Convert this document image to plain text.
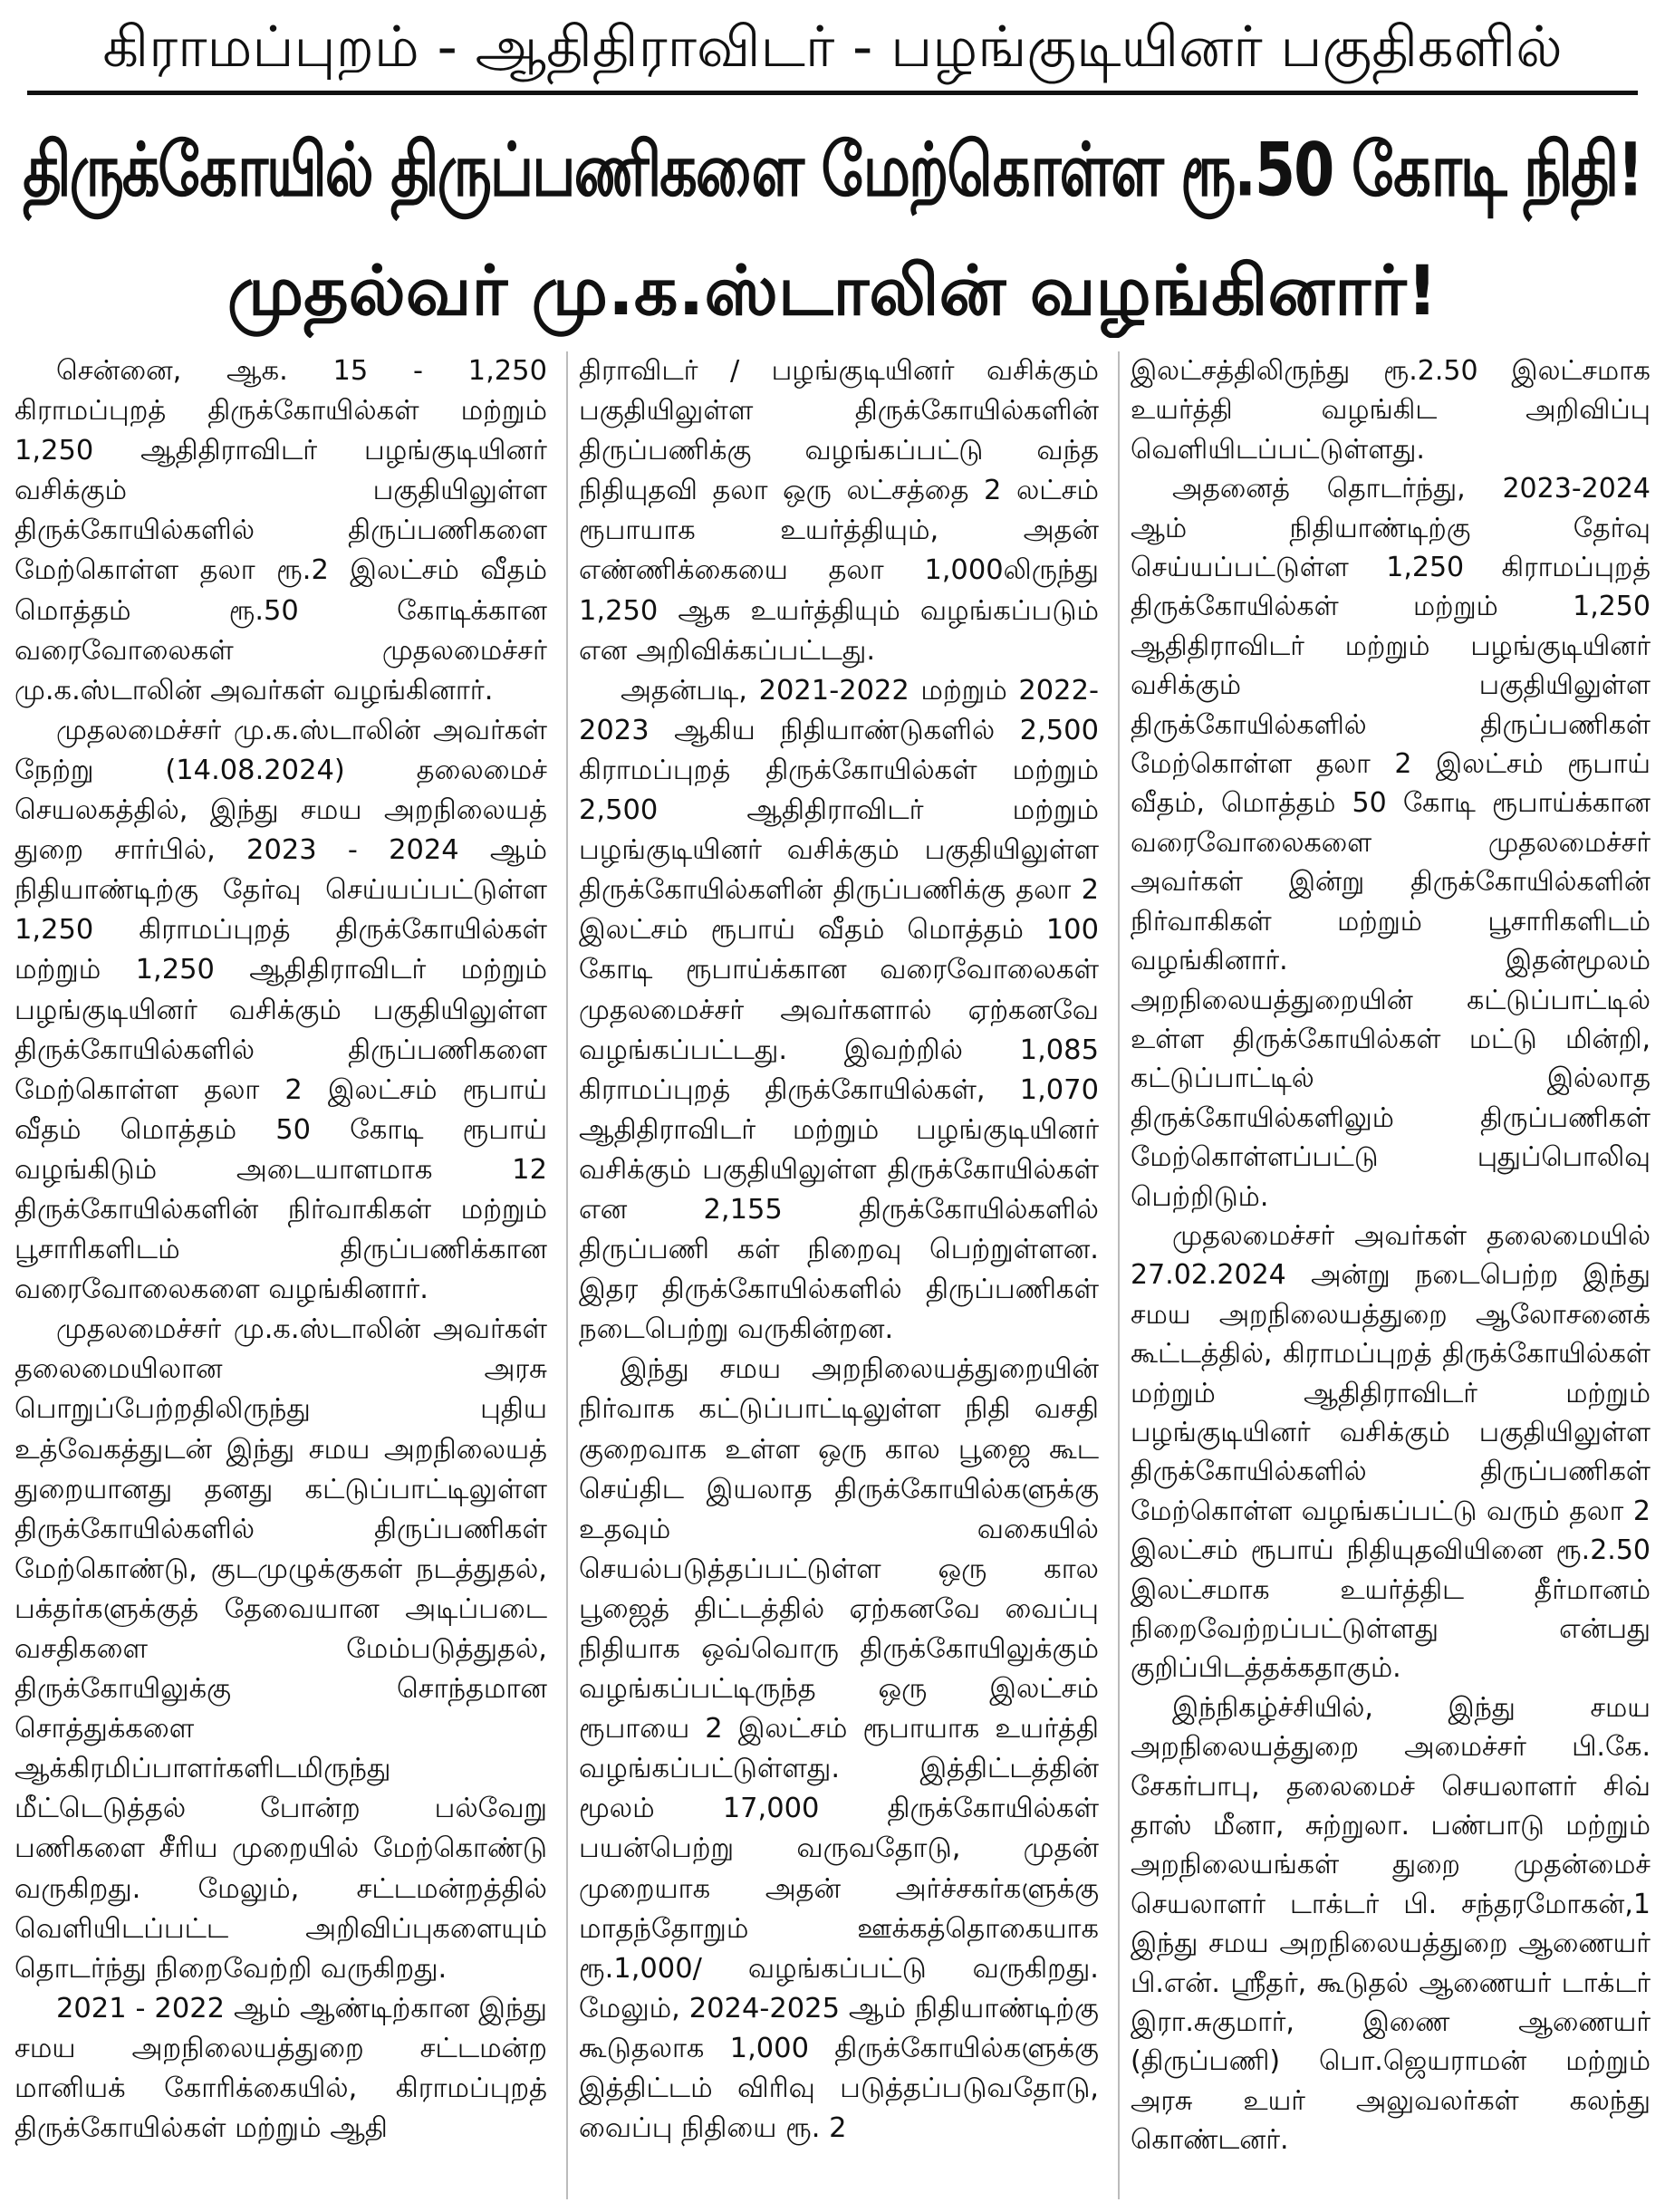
கிராமப்புறம் - ஆதிதிராவிடர் - பழங்குடியினர் பகுதிகளில்
திருக்கோயில் திருப்பணிகளை மேற்கொள்ள ரூ.50 கோடி நிதி!
முதல்வர் மு.க.ஸ்டாலின் வழங்கினார்!

சென்னை, ஆக. 15 - 1,250 கிராமப்புறத் திருக்கோயில்கள் மற்றும் 1,250 ஆதிதிராவிடர் பழங்குடியினர் வசிக்கும் பகுதியிலுள்ள திருக்கோயில்களில் திருப்பணிகளை மேற்கொள்ள தலா ரூ.2 இலட்சம் வீதம் மொத்தம் ரூ.50 கோடிக்கான வரைவோலைகள் முதலமைச்சர் மு.க.ஸ்டாலின் அவர்கள் வழங்கினார்.

முதலமைச்சர் மு.க.ஸ்டாலின் அவர்கள் நேற்று (14.08.2024) தலைமைச் செயலகத்தில், இந்து சமய அறநிலையத் துறை சார்பில், 2023 - 2024 ஆம் நிதியாண்டிற்கு தேர்வு செய்யப்பட்டுள்ள 1,250 கிராமப்புறத் திருக்கோயில்கள் மற்றும் 1,250 ஆதிதிராவிடர் மற்றும் பழங்குடியினர் வசிக்கும் பகுதியிலுள்ள திருக்கோயில்களில் திருப்பணிகளை மேற்கொள்ள தலா 2 இலட்சம் ரூபாய் வீதம் மொத்தம் 50 கோடி ரூபாய் வழங்கிடும் அடையாளமாக 12 திருக்கோயில்களின் நிர்வாகிகள் மற்றும் பூசாரிகளிடம் திருப்பணிக்கான வரைவோலைகளை வழங்கினார்.

முதலமைச்சர் மு.க.ஸ்டாலின் அவர்கள் தலைமையிலான அரசு பொறுப்பேற்றதிலிருந்து புதிய உத்வேகத்துடன் இந்து சமய அறநிலையத் துறையானது தனது கட்டுப்பாட்டிலுள்ள திருக்கோயில்களில் திருப்பணிகள் மேற்கொண்டு, குடமுழுக்குகள் நடத்துதல், பக்தர்களுக்குத் தேவையான அடிப்படை வசதிகளை மேம்படுத்துதல், திருக்கோயிலுக்கு சொந்தமான சொத்துக்களை ஆக்கிரமிப்பாளர்களிடமிருந்து மீட்டெடுத்தல் போன்ற பல்வேறு பணிகளை சீரிய முறையில் மேற்கொண்டு வருகிறது. மேலும், சட்டமன்றத்தில் வெளியிடப்பட்ட அறிவிப்புகளையும் தொடர்ந்து நிறைவேற்றி வருகிறது.

2021 - 2022 ஆம் ஆண்டிற்கான இந்து சமய அறநிலையத்துறை சட்டமன்ற மானியக் கோரிக்கையில், கிராமப்புறத் திருக்கோயில்கள் மற்றும் ஆதி

திராவிடர் / பழங்குடியினர் வசிக்கும் பகுதியிலுள்ள திருக்கோயில்களின் திருப்பணிக்கு வழங்கப்பட்டு வந்த நிதியுதவி தலா ஒரு லட்சத்தை 2 லட்சம் ரூபாயாக உயர்த்தியும், அதன் எண்ணிக்கையை தலா 1,000லிருந்து 1,250 ஆக உயர்த்தியும் வழங்கப்படும் என அறிவிக்கப்பட்டது.

அதன்படி, 2021-2022 மற்றும் 2022-2023 ஆகிய நிதியாண்டுகளில் 2,500 கிராமப்புறத் திருக்கோயில்கள் மற்றும் 2,500 ஆதிதிராவிடர் மற்றும் பழங்குடியினர் வசிக்கும் பகுதியிலுள்ள திருக்கோயில்களின் திருப்பணிக்கு தலா 2 இலட்சம் ரூபாய் வீதம் மொத்தம் 100 கோடி ரூபாய்க்கான வரைவோலைகள் முதலமைச்சர் அவர்களால் ஏற்கனவே வழங்கப்பட்டது. இவற்றில் 1,085 கிராமப்புறத் திருக்கோயில்கள், 1,070 ஆதிதிராவிடர் மற்றும் பழங்குடியினர் வசிக்கும் பகுதியிலுள்ள திருக்கோயில்கள் என 2,155 திருக்கோயில்களில் திருப்பணி கள் நிறைவு பெற்றுள்ளன. இதர திருக்கோயில்களில் திருப்பணிகள் நடைபெற்று வருகின்றன.

இந்து சமய அறநிலையத்துறையின் நிர்வாக கட்டுப்பாட்டிலுள்ள நிதி வசதி குறைவாக உள்ள ஒரு கால பூஜை கூட செய்திட இயலாத திருக்கோயில்களுக்கு உதவும் வகையில் செயல்படுத்தப்பட்டுள்ள ஒரு கால பூஜைத் திட்டத்தில் ஏற்கனவே வைப்பு நிதியாக ஒவ்வொரு திருக்கோயிலுக்கும் வழங்கப்பட்டிருந்த ஒரு இலட்சம் ரூபாயை 2 இலட்சம் ரூபாயாக உயர்த்தி வழங்கப்பட்டுள்ளது. இத்திட்டத்தின் மூலம் 17,000 திருக்கோயில்கள் பயன்பெற்று வருவதோடு, முதன் முறையாக அதன் அர்ச்சகர்களுக்கு மாதந்தோறும் ஊக்கத்தொகையாக ரூ.1,000/ வழங்கப்பட்டு வருகிறது. மேலும், 2024-2025 ஆம் நிதியாண்டிற்கு கூடுதலாக 1,000 திருக்கோயில்களுக்கு இத்திட்டம் விரிவு படுத்தப்படுவதோடு, வைப்பு நிதியை ரூ. 2

இலட்சத்திலிருந்து ரூ.2.50 இலட்சமாக உயர்த்தி வழங்கிட அறிவிப்பு வெளியிடப்பட்டுள்ளது.

அதனைத் தொடர்ந்து, 2023-2024 ஆம் நிதியாண்டிற்கு தேர்வு செய்யப்பட்டுள்ள 1,250 கிராமப்புறத் திருக்கோயில்கள் மற்றும் 1,250 ஆதிதிராவிடர் மற்றும் பழங்குடியினர் வசிக்கும் பகுதியிலுள்ள திருக்கோயில்களில் திருப்பணிகள் மேற்கொள்ள தலா 2 இலட்சம் ரூபாய் வீதம், மொத்தம் 50 கோடி ரூபாய்க்கான வரைவோலைகளை முதலமைச்சர் அவர்கள் இன்று திருக்கோயில்களின் நிர்வாகிகள் மற்றும் பூசாரிகளிடம் வழங்கினார். இதன்மூலம் அறநிலையத்துறையின் கட்டுப்பாட்டில் உள்ள திருக்கோயில்கள் மட்டு மின்றி, கட்டுப்பாட்டில் இல்லாத திருக்கோயில்களிலும் திருப்பணிகள் மேற்கொள்ளப்பட்டு புதுப்பொலிவு பெற்றிடும்.

முதலமைச்சர் அவர்கள் தலைமையில் 27.02.2024 அன்று நடைபெற்ற இந்து சமய அறநிலையத்துறை ஆலோசனைக் கூட்டத்தில், கிராமப்புறத் திருக்கோயில்கள் மற்றும் ஆதிதிராவிடர் மற்றும் பழங்குடியினர் வசிக்கும் பகுதியிலுள்ள திருக்கோயில்களில் திருப்பணிகள் மேற்கொள்ள வழங்கப்பட்டு வரும் தலா 2 இலட்சம் ரூபாய் நிதியுதவியினை ரூ.2.50 இலட்சமாக உயர்த்திட தீர்மானம் நிறைவேற்றப்பட்டுள்ளது என்பது குறிப்பிடத்தக்கதாகும்.

இந்நிகழ்ச்சியில், இந்து சமய அறநிலையத்துறை அமைச்சர் பி.கே. சேகர்பாபு, தலைமைச் செயலாளர் சிவ் தாஸ் மீனா, சுற்றுலா. பண்பாடு மற்றும் அறநிலையங்கள் துறை முதன்மைச் செயலாளர் டாக்டர் பி. சந்தரமோகன்,1 இந்து சமய அறநிலையத்துறை ஆணையர் பி.என். ஸ்ரீதர், கூடுதல் ஆணையர் டாக்டர் இரா.சுகுமார், இணை ஆணையர் (திருப்பணி) பொ.ஜெயராமன் மற்றும் அரசு உயர் அலுவலர்கள் கலந்து கொண்டனர்.
